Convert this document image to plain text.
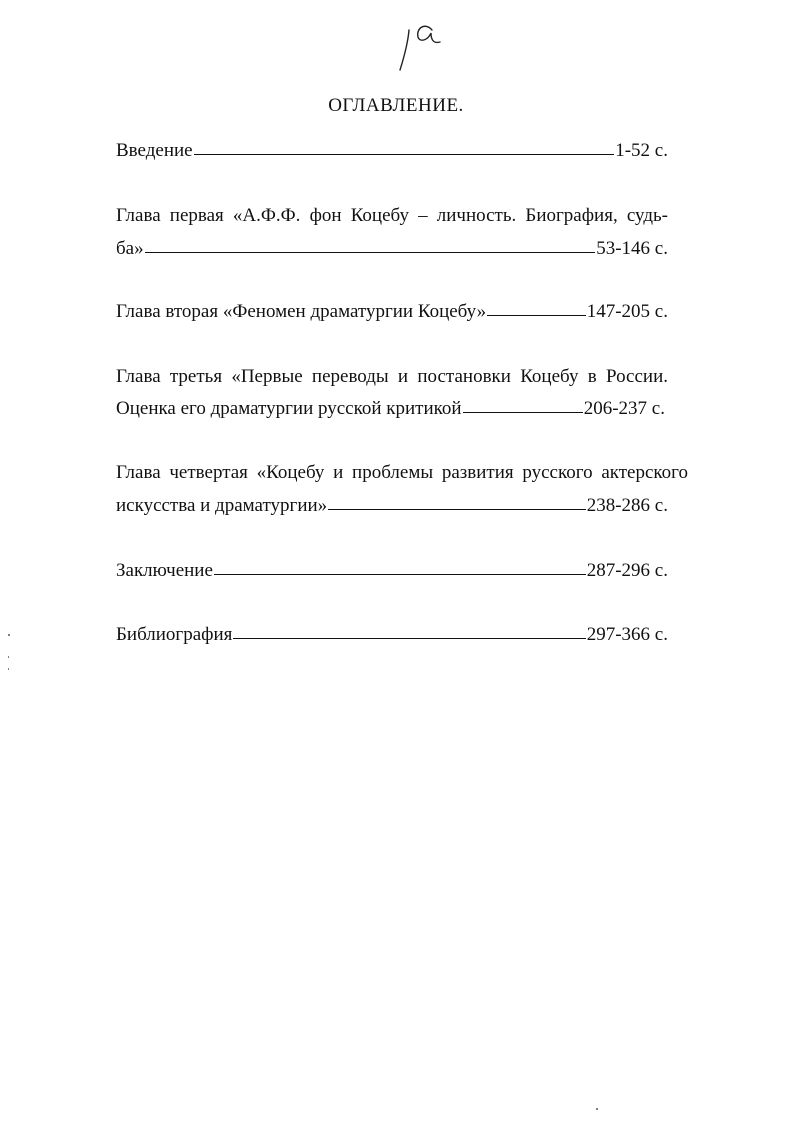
ОГЛАВЛЕНИЕ.
Введение	1-52 с.
Глава первая «А.Ф.Ф. фон Коцебу – личность. Биография, судь-
ба»	53-146 с.
Глава вторая «Феномен драматургии Коцебу»	147-205 с.
Глава третья «Первые переводы и постановки Коцебу в России.
Оценка его драматургии русской критикой	206-237 с.
Глава четвертая «Коцебу и проблемы развития русского актерского
искусства и драматургии»	238-286 с.
Заключение	287-296 с.
Библиография	297-366 с.
